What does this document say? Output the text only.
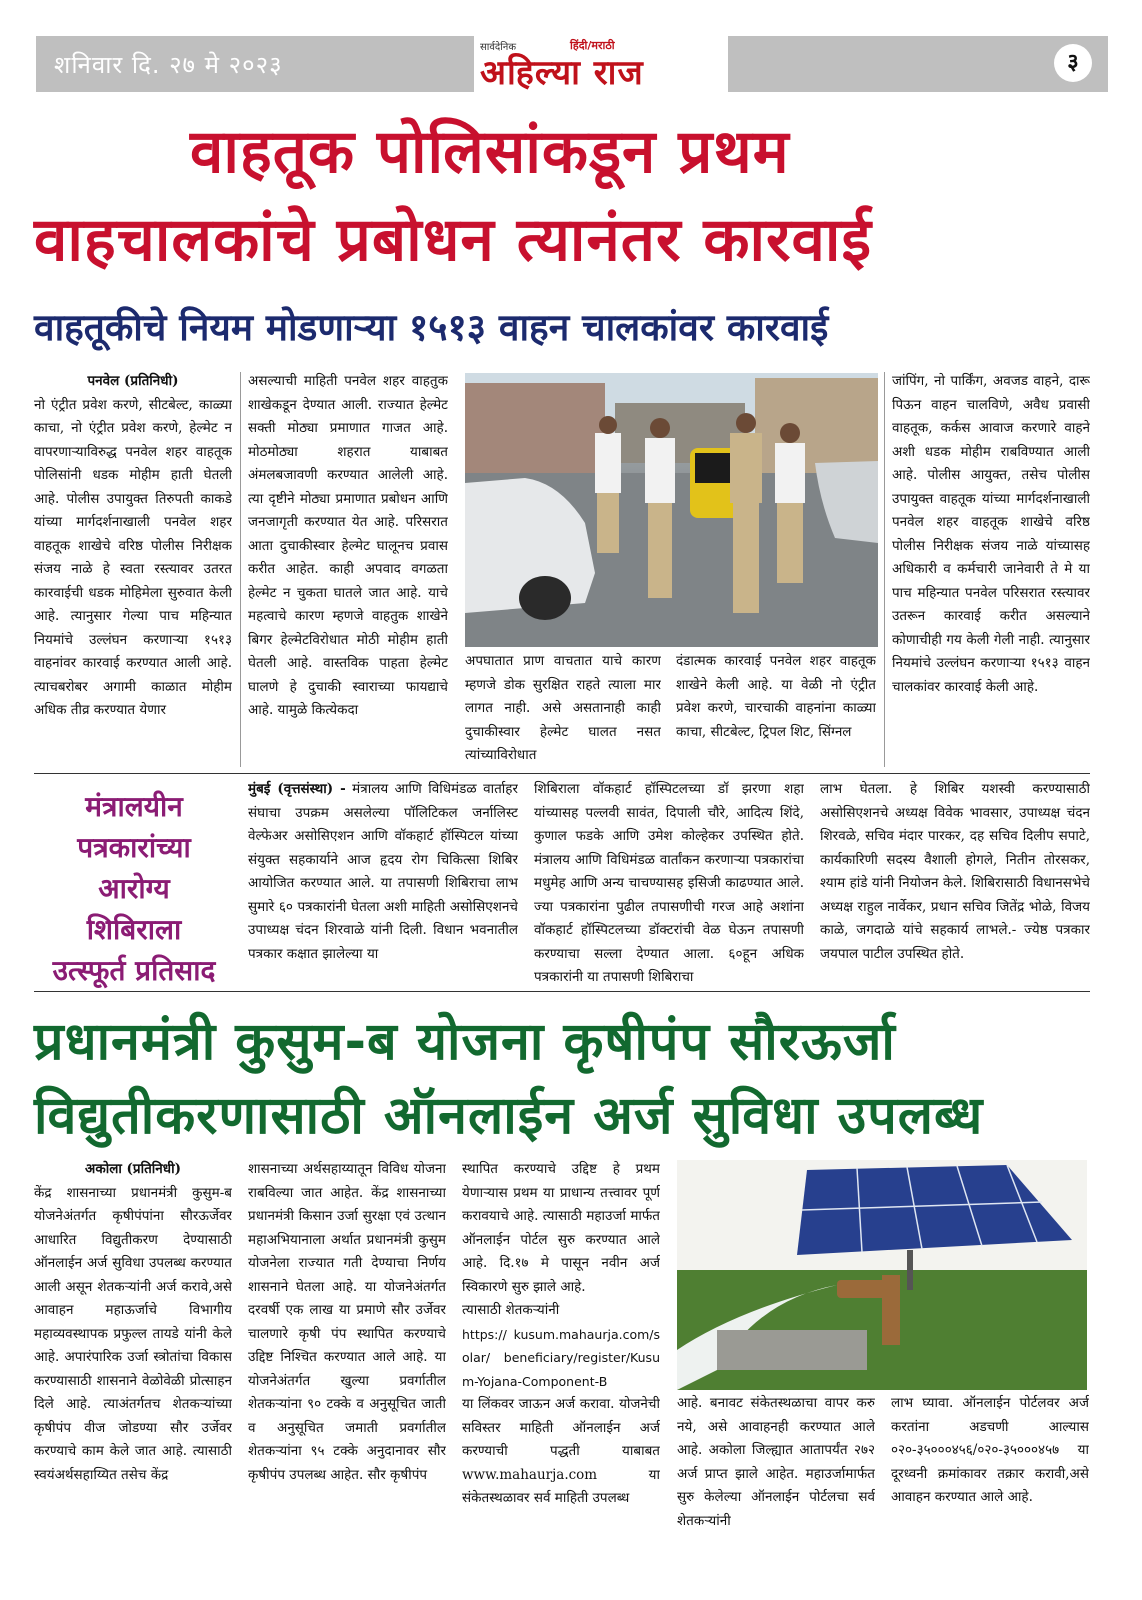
शनिवार दि. २७ मे २०२३
सार्वदेनिक	हिंदी/मराठी
अहिल्या राज	३
वाहतूक पोलिसांकडून प्रथम
वाहचालकांचे प्रबोधन त्यानंतर कारवाई
वाहतूकीचे नियम मोडणाऱ्या १५१३ वाहन चालकांवर कारवाई
पनवेल (प्रतिनिधी)
नो एंट्रीत प्रवेश करणे, सीटबेल्ट, काळ्या काचा, नो एंट्रीत प्रवेश करणे, हेल्मेट न वापरणाऱ्याविरुद्ध पनवेल शहर वाहतूक पोलिसांनी धडक मोहीम हाती घेतली आहे. पोलीस उपायुक्त तिरुपती काकडे यांच्या मार्गदर्शनाखाली पनवेल शहर वाहतूक शाखेचे वरिष्ठ पोलीस निरीक्षक संजय नाळे हे स्वता रस्त्यावर उतरत कारवाईची धडक मोहिमेला सुरुवात केली आहे. त्यानुसार गेल्या पाच महिन्यात नियमांचे उल्लंघन करणाऱ्या १५१३ वाहनांवर कारवाई करण्यात आली आहे. त्याचबरोबर अगामी काळात मोहीम अधिक तीव्र करण्यात येणार
असल्याची माहिती पनवेल शहर वाहतुक शाखेकडून देण्यात आली. राज्यात हेल्मेट सक्ती मोठ्या प्रमाणात गाजत आहे. मोठमोठ्या शहरात याबाबत अंमलबजावणी करण्यात आलेली आहे. त्या दृष्टीने मोठ्या प्रमाणात प्रबोधन आणि जनजागृती करण्यात येत आहे. परिसरात आता दुचाकीस्वार हेल्मेट घालूनच प्रवास करीत आहेत. काही अपवाद वगळता हेल्मेट न चुकता घातले जात आहे. याचे महत्वाचे कारण म्हणजे वाहतुक शाखेने बिगर हेल्मेटविरोधात मोठी मोहीम हाती घेतली आहे. वास्तविक पाहता हेल्मेट घालणे हे दुचाकी स्वाराच्या फायद्याचे आहे. यामुळे कित्येकदा
अपघातात प्राण वाचतात याचे कारण म्हणजे डोक सुरक्षित राहते त्याला मार लागत नाही. असे असतानाही काही दुचाकीस्वार हेल्मेट घालत नसत त्यांच्याविरोधात
दंडात्मक कारवाई पनवेल शहर वाहतूक शाखेने केली आहे. या वेळी नो एंट्रीत प्रवेश करणे, चारचाकी वाहनांना काळ्या काचा, सीटबेल्ट, ट्रिपल शिट, सिंग्नल
जांपिंग, नो पार्किंग, अवजड वाहने, दारू पिऊन वाहन चालविणे, अवैध प्रवासी वाहतूक, कर्कस आवाज करणारे वाहने अशी धडक मोहीम राबविण्यात आली आहे. पोलीस आयुक्त, तसेच पोलीस उपायुक्त वाहतूक यांच्या मार्गदर्शनाखाली पनवेल शहर वाहतूक शाखेचे वरिष्ठ पोलीस निरीक्षक संजय नाळे यांच्यासह अधिकारी व कर्मचारी जानेवारी ते मे या पाच महिन्यात पनवेल परिसरात रस्त्यावर उतरून कारवाई करीत असल्याने कोणाचीही गय केली गेली नाही. त्यानुसार नियमांचे उल्लंघन करणाऱ्या १५१३ वाहन चालकांवर कारवाई केली आहे.
मंत्रालयीन
पत्रकारांच्या
आरोग्य
शिबिराला
उत्स्फूर्त प्रतिसाद
मुंबई (वृत्तसंस्था) - मंत्रालय आणि विधिमंडळ वार्ताहर संघाचा उपक्रम असलेल्या पॉलिटिकल जर्नालिस्ट वेल्फेअर असोसिएशन आणि वॉकहार्ट हॉस्पिटल यांच्या संयुक्त सहकार्याने आज हृदय रोग चिकित्सा शिबिर आयोजित करण्यात आले. या तपासणी शिबिराचा लाभ सुमारे ६० पत्रकारांनी घेतला अशी माहिती असोसिएशनचे उपाध्यक्ष चंदन शिरवाळे यांनी दिली. विधान भवनातील पत्रकार कक्षात झालेल्या या
शिबिराला वॉकहार्ट हॉस्पिटलच्या डॉ झरणा शहा यांच्यासह पल्लवी सावंत, दिपाली चौरे, आदित्य शिंदे, कुणाल फडके आणि उमेश कोल्हेकर उपस्थित होते. मंत्रालय आणि विधिमंडळ वार्तांकन करणाऱ्या पत्रकारांचा मधुमेह आणि अन्य चाचण्यासह इसिजी काढण्यात आले. ज्या पत्रकारांना पुढील तपासणीची गरज आहे अशांना वॉकहार्ट हॉस्पिटलच्या डॉक्टरांची वेळ घेऊन तपासणी करण्याचा सल्ला देण्यात आला. ६०हून अधिक पत्रकारांनी या तपासणी शिबिराचा
लाभ घेतला. हे शिबिर यशस्वी करण्यासाठी असोसिएशनचे अध्यक्ष विवेक भावसार, उपाध्यक्ष चंदन शिरवळे, सचिव मंदार पारकर, दह सचिव दिलीप सपाटे, कार्यकारिणी सदस्य वैशाली होगले, नितीन तोरसकर, श्याम हांडे यांनी नियोजन केले. शिबिरासाठी विधानसभेचे अध्यक्ष राहुल नार्वेकर, प्रधान सचिव जितेंद्र भोळे, विजय काळे, जगदाळे यांचे सहकार्य लाभले.- ज्येष्ठ पत्रकार जयपाल पाटील उपस्थित होते.
प्रधानमंत्री कुसुम-ब योजना कृषीपंप सौरऊर्जा
विद्युतीकरणासाठी ऑनलाईन अर्ज सुविधा उपलब्ध
अकोला (प्रतिनिधी)
केंद्र शासनाच्या प्रधानमंत्री कुसुम-ब योजनेअंतर्गत कृषीपंपांना सौरऊर्जेवर आधारित विद्युतीकरण देण्यासाठी ऑनलाईन अर्ज सुविधा उपलब्ध करण्यात आली असून शेतकऱ्यांनी अर्ज करावे,असे आवाहन महाऊर्जाचे विभागीय महाव्यवस्थापक प्रफुल्ल तायडे यांनी केले आहे. अपारंपारिक उर्जा स्त्रोतांचा विकास करण्यासाठी शासनाने वेळोवेळी प्रोत्साहन दिले आहे. त्याअंतर्गतच शेतकऱ्यांच्या कृषीपंप वीज जोडण्या सौर उर्जेवर करण्याचे काम केले जात आहे. त्यासाठी स्वयंअर्थसहाय्यित तसेच केंद्र
शासनाच्या अर्थसहाय्यातून विविध योजना राबविल्या जात आहेत. केंद्र शासनाच्या प्रधानमंत्री किसान उर्जा सुरक्षा एवं उत्थान महाअभियानाला अर्थात प्रधानमंत्री कुसुम योजनेला राज्यात गती देण्याचा निर्णय शासनाने घेतला आहे. या योजनेअंतर्गत दरवर्षी एक लाख या प्रमाणे सौर उर्जेवर चालणारे कृषी पंप स्थापित करण्याचे उद्दिष्ट निश्चित करण्यात आले आहे. या योजनेअंतर्गत खुल्या प्रवर्गातील शेतकऱ्यांना ९० टक्के व अनुसूचित जाती व अनुसूचित जमाती प्रवर्गातील शेतकऱ्यांना ९५ टक्के अनुदानावर सौर कृषीपंप उपलब्ध आहेत. सौर कृषीपंप
स्थापित करण्याचे उद्दिष्ट हे प्रथम येणाऱ्यास प्रथम या प्राधान्य तत्त्वावर पूर्ण करावयाचे आहे. त्यासाठी महाउर्जा मार्फत ऑनलाईन पोर्टल सुरु करण्यात आले आहे. दि.१७ मे पासून नवीन अर्ज स्विकारणे सुरु झाले आहे.
त्यासाठी शेतकऱ्यांनी
https:// kusum.mahaurja.com/solar/ beneficiary/register/Kusum-Yojana-Component-B
या लिंकवर जाऊन अर्ज करावा. योजनेची सविस्तर माहिती ऑनलाईन अर्ज करण्याची पद्धती याबाबत www.mahaurja.com या संकेतस्थळावर सर्व माहिती उपलब्ध
आहे. बनावट संकेतस्थळाचा वापर करु नये, असे आवाहनही करण्यात आले आहे. अकोला जिल्ह्यात आतापर्यंत २७२ अर्ज प्राप्त झाले आहेत. महाउर्जामार्फत सुरु केलेल्या ऑनलाईन पोर्टलचा सर्व शेतकऱ्यांनी
लाभ घ्यावा. ऑनलाईन पोर्टलवर अर्ज करतांना अडचणी आल्यास ०२०-३५०००४५६/०२०-३५०००४५७ या दूरध्वनी क्रमांकावर तक्रार करावी,असे आवाहन करण्यात आले आहे.
